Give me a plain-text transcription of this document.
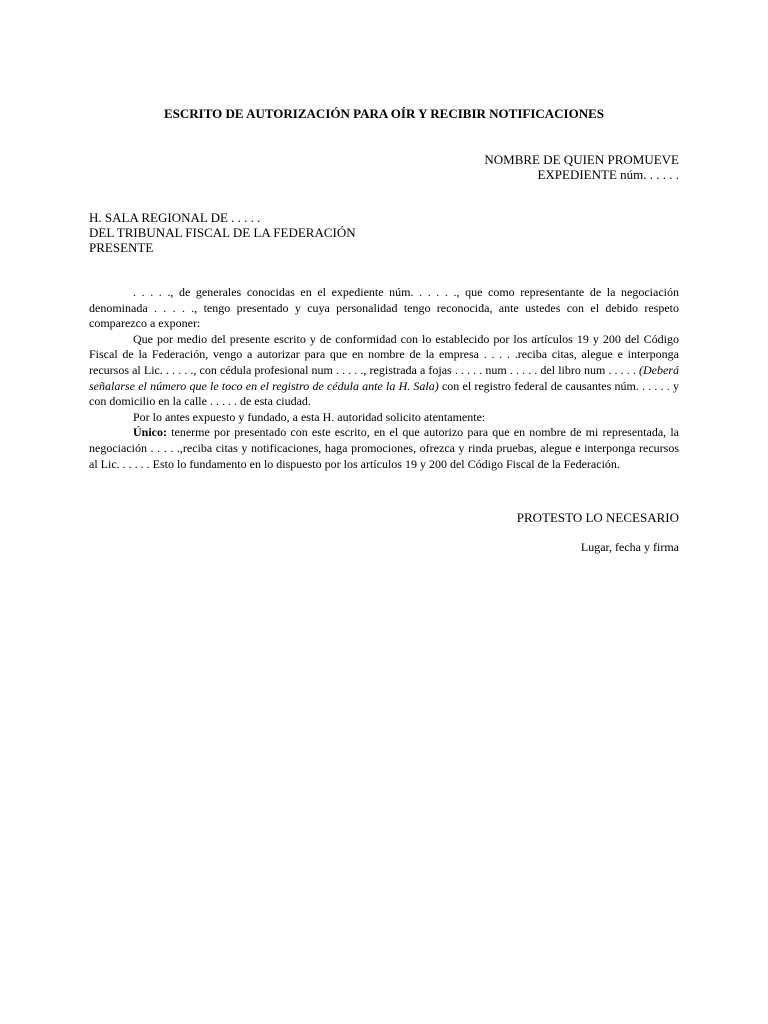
ESCRITO DE AUTORIZACIÓN PARA OÍR Y RECIBIR NOTIFICACIONES
NOMBRE DE QUIEN PROMUEVE
EXPEDIENTE núm. . . . . .
H. SALA REGIONAL DE . . . . .
DEL TRIBUNAL FISCAL DE LA FEDERACIÓN
PRESENTE

. . . . ., de generales conocidas en el expediente núm. . . . . ., que como representante de la negociación denominada . . . . ., tengo presentado y cuya personalidad tengo reconocida, ante ustedes con el debido respeto comparezco a exponer:

Que por medio del presente escrito y de conformidad con lo establecido por los artículos 19 y 200 del Código Fiscal de la Federación, vengo a autorizar para que en nombre de la empresa . . . . .reciba citas, alegue e interponga recursos al Lic. . . . . ., con cédula profesional num . . . . ., registrada a fojas . . . . . num . . . . . del libro num . . . . . (Deberá señalarse el número que le toco en el registro de cédula ante la H. Sala) con el registro federal de causantes núm. . . . . . y con domicilio en la calle . . . . . de esta ciudad.

Por lo antes expuesto y fundado, a esta H. autoridad solicito atentamente:

Único: tenerme por presentado con este escrito, en el que autorizo para que en nombre de mi representada, la negociación . . . . .,reciba citas y notificaciones, haga promociones, ofrezca y rinda pruebas, alegue e interponga recursos al Lic. . . . . . Esto lo fundamento en lo dispuesto por los artículos 19 y 200 del Código Fiscal de la Federación.

PROTESTO LO NECESARIO
Lugar, fecha y firma
